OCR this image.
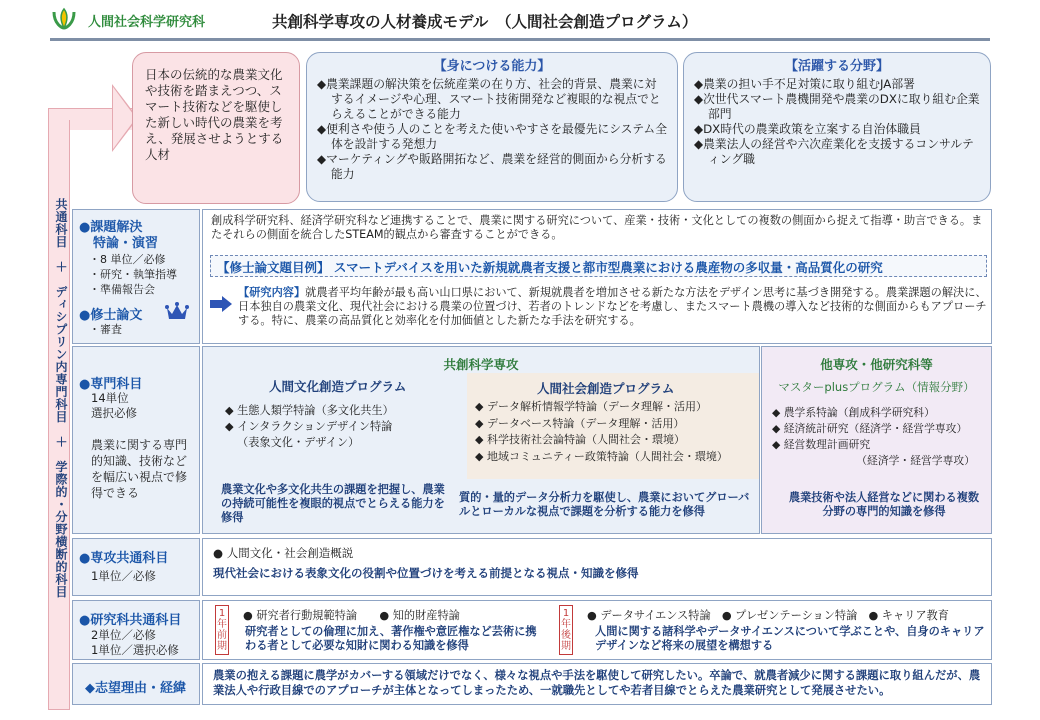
人間社会科学研究科	共創科学専攻の人材養成モデル　（人間社会創造プログラム）
共通科目　＋　ディシプリン内専門科目　＋　学際的・分野横断的科目
日本の伝統的な農業文化や技術を踏まえつつ、スマート技術などを駆使した新しい時代の農業を考え、発展させようとする人材
【身につける能力】

◆農業課題の解決策を伝統産業の在り方、社会的背景、農業に対するイメージや心理、スマート技術開発など複眼的な視点でとらえることができる能力

◆便利さや使う人のことを考えた使いやすさを最優先にシステム全体を設計する発想力

◆マーケティングや販路開拓など、農業を経営的側面から分析する能力

【活躍する分野】

◆農業の担い手不足対策に取り組むJA部署

◆次世代スマート農機開発や農業のDXに取り組む企業部門

◆DX時代の農業政策を立案する自治体職員

◆農業法人の経営や六次産業化を支援するコンサルティング職

●課題解決
特論・演習
・8 単位／必修
・研究・執筆指導
・準備報告会
●修士論文
・審査
創成科学研究科、経済学研究科など連携することで、農業に関する研究について、産業・技術・文化としての複数の側面から捉えて指導・助言できる。またそれらの側面を統合したSTEAM的観点から審査することができる。
【修士論文題目例】 スマートデバイスを用いた新規就農者支援と都市型農業における農産物の多収量・高品質化の研究
【研究内容】就農者平均年齢が最も高い山口県において、新規就農者を増加させる新たな方法をデザイン思考に基づき開発する。農業課題の解決に、日本独自の農業文化、現代社会における農業の位置づけ、若者のトレンドなどを考慮し、またスマート農機の導入など技術的な側面からもアプローチする。特に、農業の高品質化と効率化を付加価値とした新たな手法を研究する。
●専門科目
14単位
選択必修
農業に関する専門的知識、技術などを幅広い視点で修得できる
共創科学専攻
人間文化創造プログラム
◆ 生態人類学特論（多文化共生）
◆ インタラクションデザイン特論
（表象文化・デザイン）
農業文化や多文化共生の課題を把握し、農業の持続可能性を複眼的視点でとらえる能力を修得
人間社会創造プログラム
◆ データ解析情報学特論（データ理解・活用）
◆ データベース特論（データ理解・活用）
◆ 科学技術社会論特論（人間社会・環境）
◆ 地域コミュニティー政策特論（人間社会・環境）
質的・量的データ分析力を駆使し、農業においてグローバルとローカルな視点で課題を分析する能力を修得
他専攻・他研究科等
マスターplusプログラム（情報分野）
◆ 農学系特論（創成科学研究科）
◆ 経済統計研究（経済学・経営学専攻）
◆ 経営数理計画研究
（経済学・経営学専攻）
農業技術や法人経営などに関わる複数分野の専門的知識を修得
●専攻共通科目
1単位／必修
● 人間文化・社会創造概説
現代社会における表象文化の役割や位置づけを考える前提となる視点・知識を修得
●研究科共通科目
2単位／必修
1単位／選択必修
1年前期
● 研究者行動規範特論　　● 知的財産特論
研究者としての倫理に加え、著作権や意匠権など芸術に携わる者として必要な知財に関わる知識を修得
1年後期
● データサイエンス特論　● プレゼンテーション特論　● キャリア教育
人間に関する諸科学やデータサイエンスについて学ぶことや、自身のキャリアデザインなど将来の展望を構想する
◆志望理由・経緯
農業の抱える課題に農学がカバーする領域だけでなく、様々な視点や手法を駆使して研究したい。卒論で、就農者減少に関する課題に取り組んだが、農業法人や行政目線でのアプローチが主体となってしまったため、一就職先としてや若者目線でとらえた農業研究として発展させたい。
